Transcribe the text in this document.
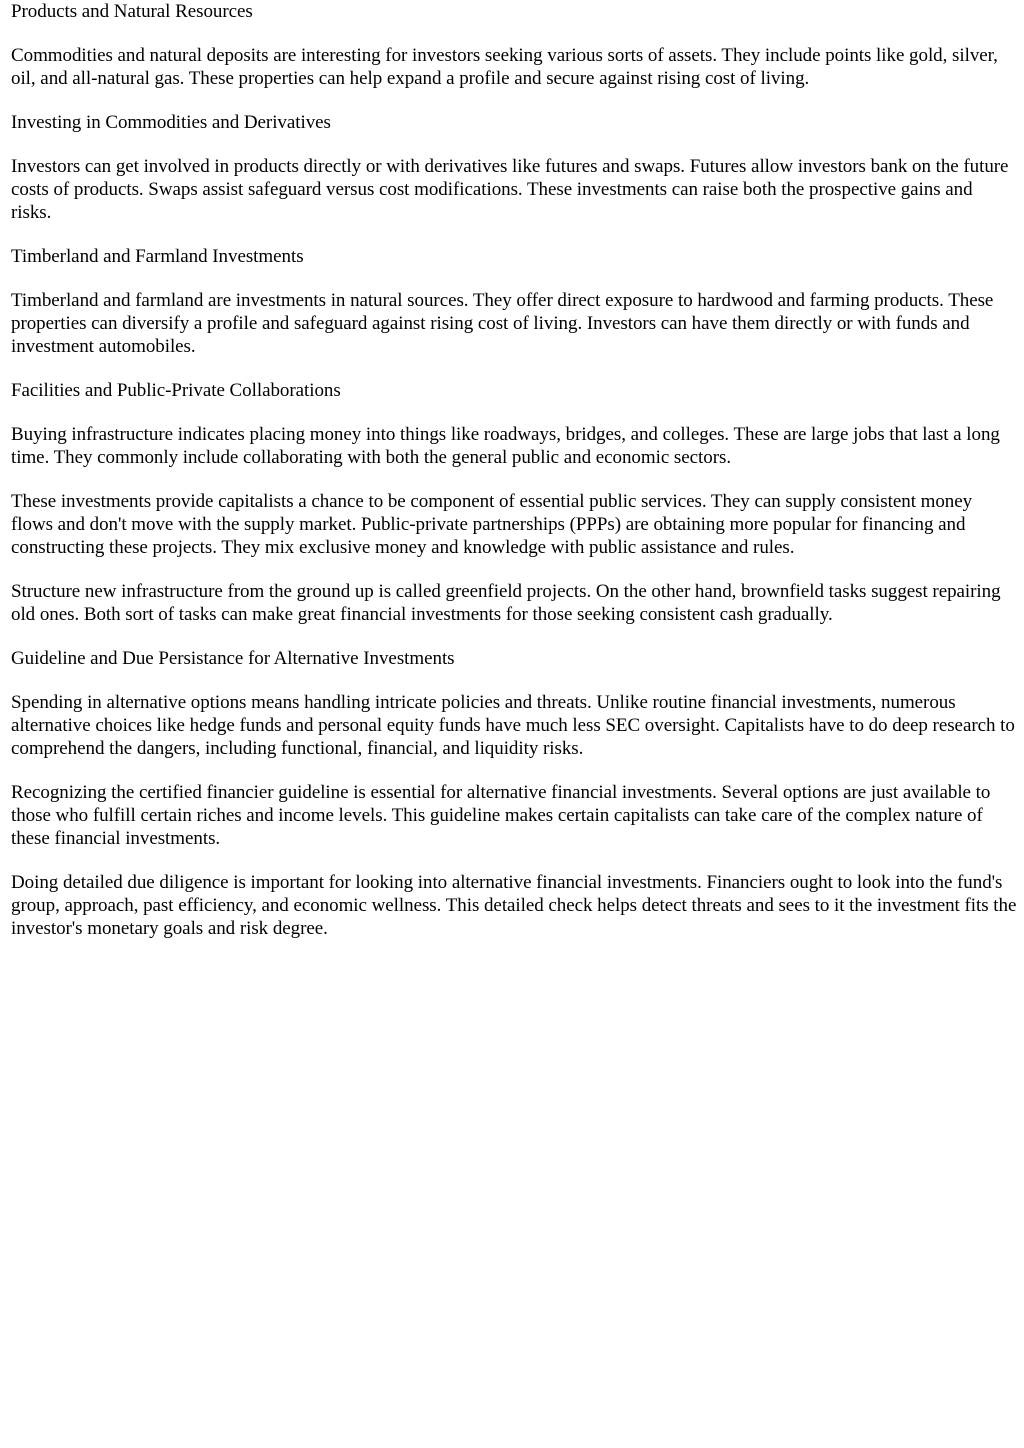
Products and Natural Resources

Commodities and natural deposits are interesting for investors seeking various sorts of assets. They include points like gold, silver, oil, and all-natural gas. These properties can help expand a profile and secure against rising cost of living.

Investing in Commodities and Derivatives

Investors can get involved in products directly or with derivatives like futures and swaps. Futures allow investors bank on the future costs of products. Swaps assist safeguard versus cost modifications. These investments can raise both the prospective gains and risks.

Timberland and Farmland Investments

Timberland and farmland are investments in natural sources. They offer direct exposure to hardwood and farming products. These properties can diversify a profile and safeguard against rising cost of living. Investors can have them directly or with funds and investment automobiles.

Facilities and Public-Private Collaborations

Buying infrastructure indicates placing money into things like roadways, bridges, and colleges. These are large jobs that last a long time. They commonly include collaborating with both the general public and economic sectors.

These investments provide capitalists a chance to be component of essential public services. They can supply consistent money flows and don't move with the supply market. Public-private partnerships (PPPs) are obtaining more popular for financing and constructing these projects. They mix exclusive money and knowledge with public assistance and rules.

Structure new infrastructure from the ground up is called greenfield projects. On the other hand, brownfield tasks suggest repairing old ones. Both sort of tasks can make great financial investments for those seeking consistent cash gradually.

Guideline and Due Persistance for Alternative Investments

Spending in alternative options means handling intricate policies and threats. Unlike routine financial investments, numerous alternative choices like hedge funds and personal equity funds have much less SEC oversight. Capitalists have to do deep research to comprehend the dangers, including functional, financial, and liquidity risks.

Recognizing the certified financier guideline is essential for alternative financial investments. Several options are just available to those who fulfill certain riches and income levels. This guideline makes certain capitalists can take care of the complex nature of these financial investments.

Doing detailed due diligence is important for looking into alternative financial investments. Financiers ought to look into the fund's group, approach, past efficiency, and economic wellness. This detailed check helps detect threats and sees to it the investment fits the investor's monetary goals and risk degree.
